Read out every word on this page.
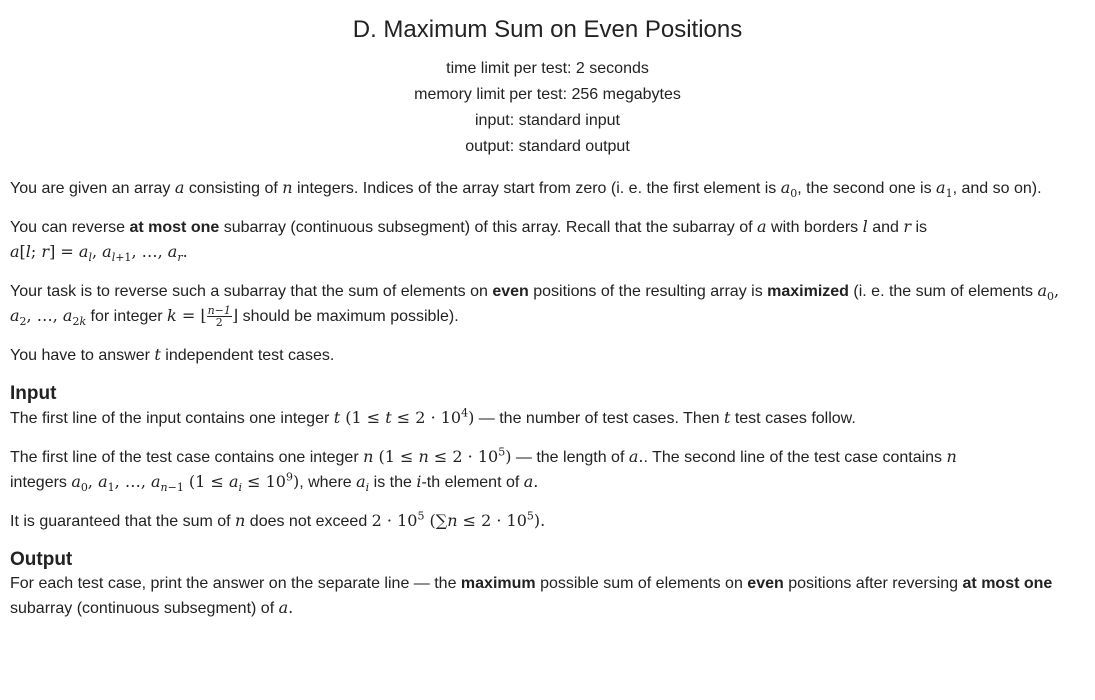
D. Maximum Sum on Even Positions
time limit per test: 2 seconds
memory limit per test: 256 megabytes
input: standard input
output: standard output

You are given an array a consisting of n integers. Indices of the array start from zero (i. e. the first element is $a_0$, the second one is $a_1$, and so on).

You can reverse at most one subarray (continuous subsegment) of this array. Recall that the subarray of a with borders l and r is
a[l; $r] = a_l$, $a_{l+1}$, …, $a_r$.

Your task is to reverse such a subarray that the sum of elements on even positions of the resulting array is maximized (i. e. the sum of elements $a_0$, $a_2$, …, $a_{2k}$ for integer k = ⌊ $\frac{n-1}{2}$ ⌋ should be maximum possible).

You have to answer t independent test cases.

Input

The first line of the input contains one integer t $(1 \le t \le 2 \cdot 10^4)$ — the number of test cases. Then t test cases follow.

The first line of the test case contains one integer n $(1 \le n \le 2 \cdot 10^5)$ — the length of a.. The second line of the test case contains n
integers $a_0$, $a_1$, …, $a_{n-1}$ $(1 \le a_i \le 10^9)$, where $a_i$ is the i-th element of a.

It is guaranteed that the sum of n does not exceed $2 \cdot 10^5$ $(\sum n \le 2 \cdot 10^5)$.

Output

For each test case, print the answer on the separate line — the maximum possible sum of elements on even positions after reversing at most one subarray (continuous subsegment) of a.
